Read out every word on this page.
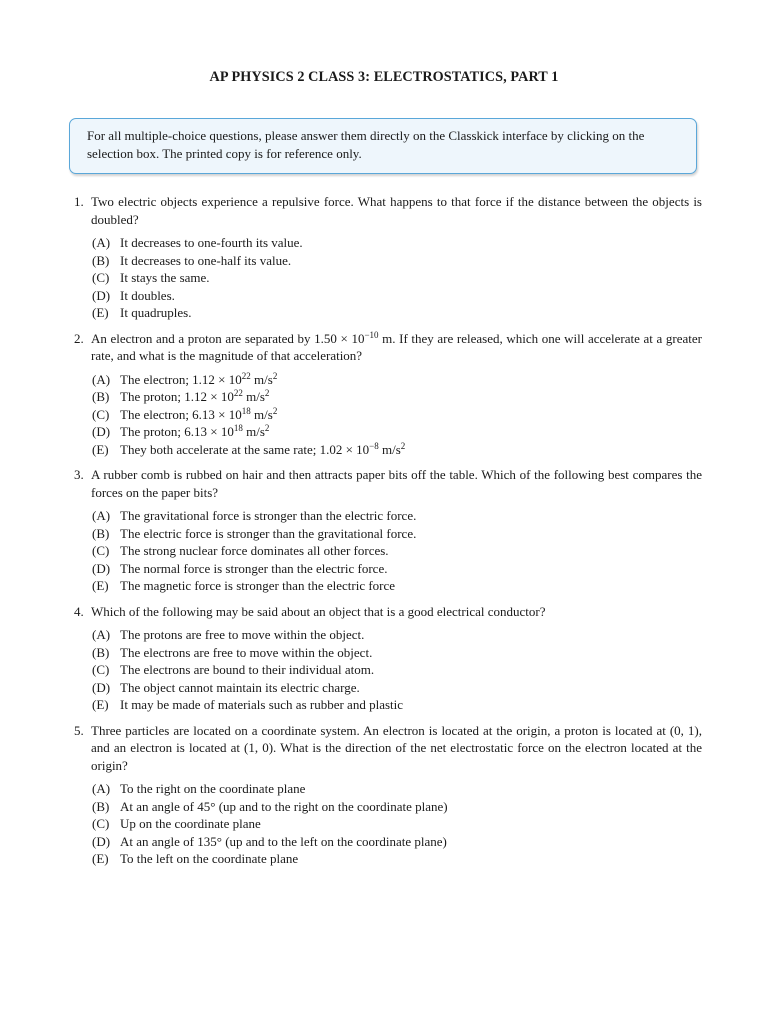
AP PHYSICS 2 CLASS 3: ELECTROSTATICS, PART 1

For all multiple-choice questions, please answer them directly on the Classkick interface by clicking on the selection box. The printed copy is for reference only.

1. Two electric objects experience a repulsive force. What happens to that force if the distance between the objects is doubled?
(A) It decreases to one-fourth its value.
(B) It decreases to one-half its value.
(C) It stays the same.
(D) It doubles.
(E) It quadruples.
2. An electron and a proton are separated by $1.50 \times 10^{-10}$ m. If they are released, which one will accelerate at a greater rate, and what is the magnitude of that acceleration?
(A) The electron; $1.12 \times 10^{22}$ $m/s^2$
(B) The proton; $1.12 \times 10^{22}$ $m/s^2$
(C) The electron; $6.13 \times 10^{18}$ $m/s^2$
(D) The proton; $6.13 \times 10^{18}$ $m/s^2$
(E) They both accelerate at the same rate; $1.02 \times 10^{-8}$ $m/s^2$
3. A rubber comb is rubbed on hair and then attracts paper bits off the table. Which of the following best compares the forces on the paper bits?
(A) The gravitational force is stronger than the electric force.
(B) The electric force is stronger than the gravitational force.
(C) The strong nuclear force dominates all other forces.
(D) The normal force is stronger than the electric force.
(E) The magnetic force is stronger than the electric force
4. Which of the following may be said about an object that is a good electrical conductor?
(A) The protons are free to move within the object.
(B) The electrons are free to move within the object.
(C) The electrons are bound to their individual atom.
(D) The object cannot maintain its electric charge.
(E) It may be made of materials such as rubber and plastic
5. Three particles are located on a coordinate system. An electron is located at the origin, a proton is located at (0, 1), and an electron is located at (1, 0). What is the direction of the net electrostatic force on the electron located at the origin?
(A) To the right on the coordinate plane
(B) At an angle of 45° (up and to the right on the coordinate plane)
(C) Up on the coordinate plane
(D) At an angle of 135° (up and to the left on the coordinate plane)
(E) To the left on the coordinate plane
